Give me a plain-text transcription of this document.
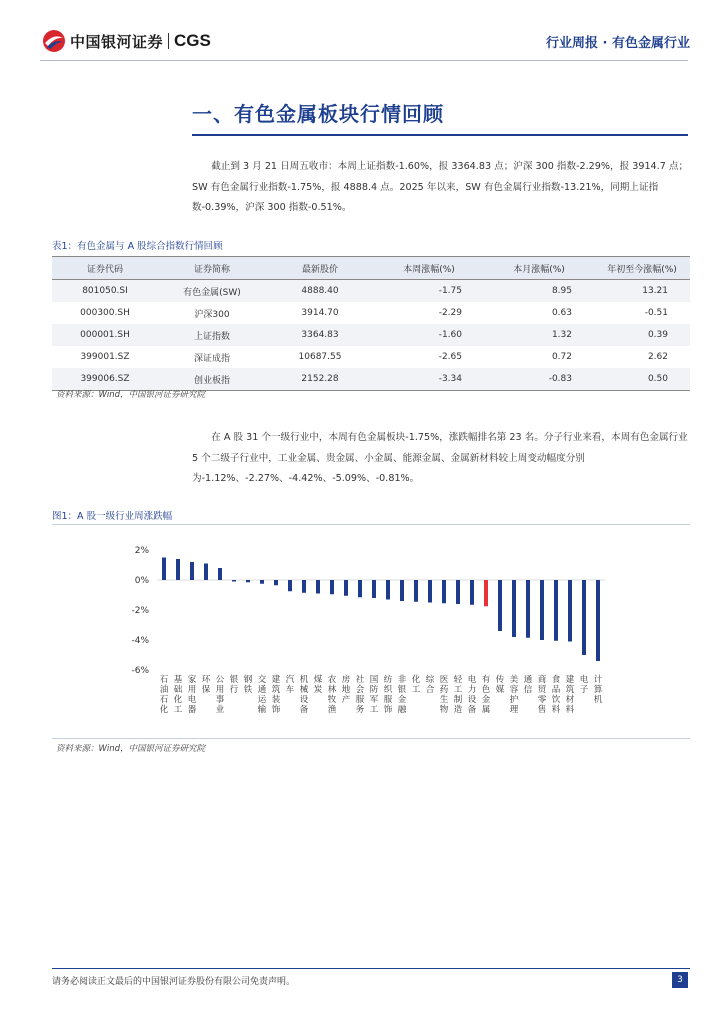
中国银河证券 CGS	行业周报 · 有色金属行业
一、有色金属板块行情回顾
截止到 3 月 21 日周五收市：本周上证指数-1.60%，报 3364.83 点；沪深 300 指数-2.29%，报 3914.7 点；SW 有色金属行业指数-1.75%，报 4888.4 点。2025 年以来，SW 有色金属行业指数-13.21%，同期上证指数-0.39%，沪深 300 指数-0.51%。
表1：有色金属与 A 股综合指数行情回顾
证券代码	证券简称	最新股价	本周涨幅(%)	本月涨幅(%)	年初至今涨幅(%)
801050.SI	有色金属(SW)	4888.40	-1.75	8.95	13.21
000300.SH	沪深300	3914.70	-2.29	0.63	-0.51
000001.SH	上证指数	3364.83	-1.60	1.32	0.39
399001.SZ	深证成指	10687.55	-2.65	0.72	2.62
399006.SZ	创业板指	2152.28	-3.34	-0.83	0.50
资料来源：Wind，中国银河证券研究院
在 A 股 31 个一级行业中，本周有色金属板块-1.75%，涨跌幅排名第 23 名。分子行业来看，本周有色金属行业 5 个二级子行业中，工业金属、贵金属、小金属、能源金属、金属新材料较上周变动幅度分别为-1.12%、-2.27%、-4.42%、-5.09%、-0.81%。
图1：A 股一级行业周涨跌幅
2%
0%
-2%
-4%
-6%
石油石化
基础化工
家用电器
环保
公用事业
银行
钢铁
交通运输
建筑装饰
汽车
机械设备
煤炭
农林牧渔
房地产
社会服务
国防军工
纺织服饰
非银金融
化工
综合
医药生物
轻工制造
电力设备
有色金属
传媒
美容护理
通信
商贸零售
食品饮料
建筑材料
电子
计算机
资料来源：Wind，中国银河证券研究院
请务必阅读正文最后的中国银河证券股份有限公司免责声明。	3
